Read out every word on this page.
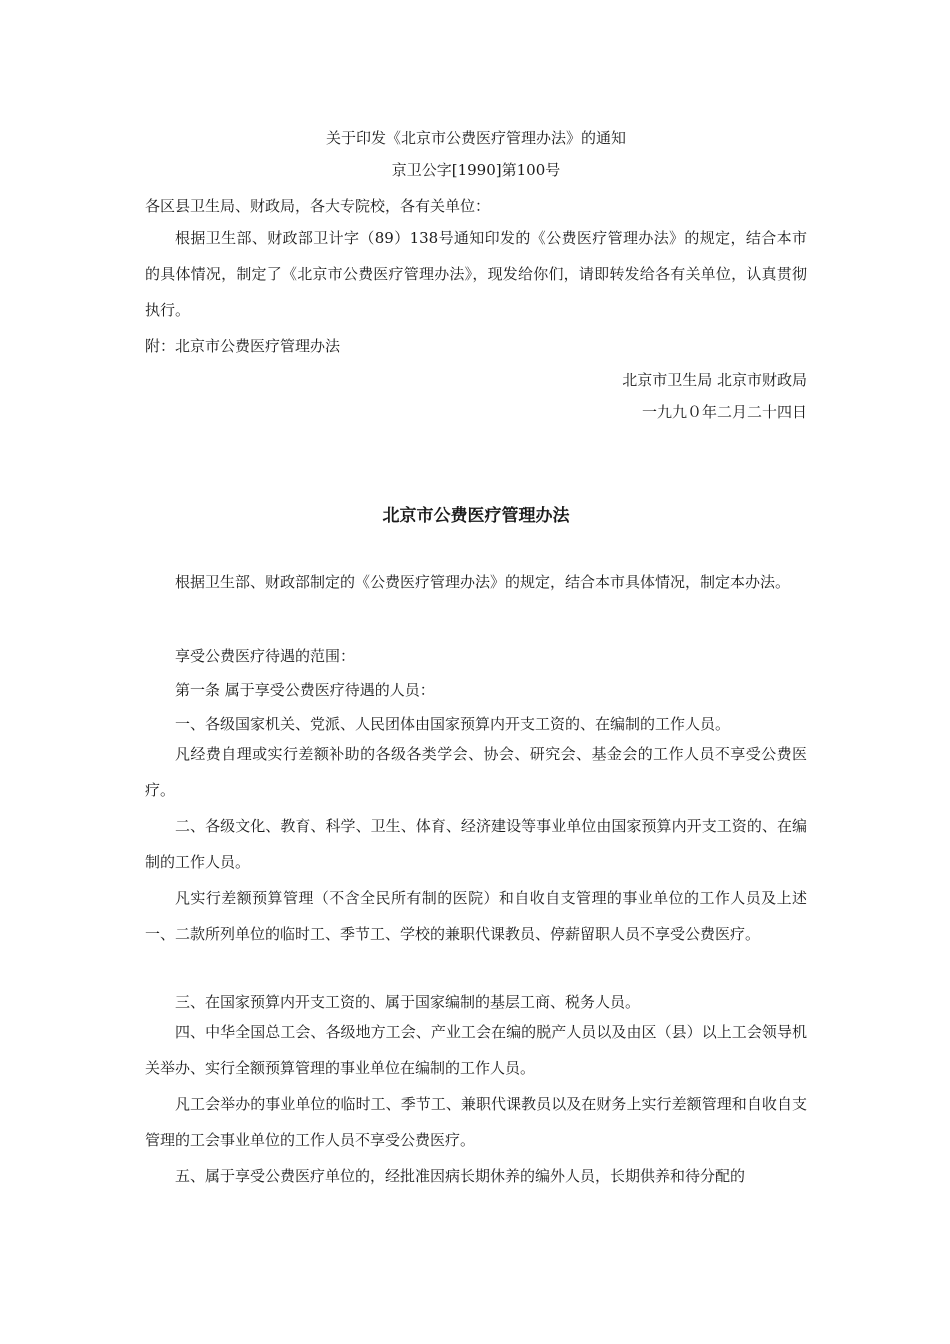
关于印发《北京市公费医疗管理办法》的通知
京卫公字[1990]第100号
各区县卫生局、财政局，各大专院校，各有关单位：
根据卫生部、财政部卫计字（89）138号通知印发的《公费医疗管理办法》的规定，结合本市的具体情况，制定了《北京市公费医疗管理办法》，现发给你们，请即转发给各有关单位，认真贯彻执行。
附：北京市公费医疗管理办法
北京市卫生局 北京市财政局
一九九０年二月二十四日
北京市公费医疗管理办法
根据卫生部、财政部制定的《公费医疗管理办法》的规定，结合本市具体情况，制定本办法。
享受公费医疗待遇的范围：
第一条 属于享受公费医疗待遇的人员：
一、各级国家机关、党派、人民团体由国家预算内开支工资的、在编制的工作人员。
凡经费自理或实行差额补助的各级各类学会、协会、研究会、基金会的工作人员不享受公费医疗。
二、各级文化、教育、科学、卫生、体育、经济建设等事业单位由国家预算内开支工资的、在编制的工作人员。
凡实行差额预算管理（不含全民所有制的医院）和自收自支管理的事业单位的工作人员及上述一、二款所列单位的临时工、季节工、学校的兼职代课教员、停薪留职人员不享受公费医疗。
三、在国家预算内开支工资的、属于国家编制的基层工商、税务人员。
四、中华全国总工会、各级地方工会、产业工会在编的脱产人员以及由区（县）以上工会领导机关举办、实行全额预算管理的事业单位在编制的工作人员。
凡工会举办的事业单位的临时工、季节工、兼职代课教员以及在财务上实行差额管理和自收自支管理的工会事业单位的工作人员不享受公费医疗。
五、属于享受公费医疗单位的，经批准因病长期休养的编外人员，长期供养和待分配的
